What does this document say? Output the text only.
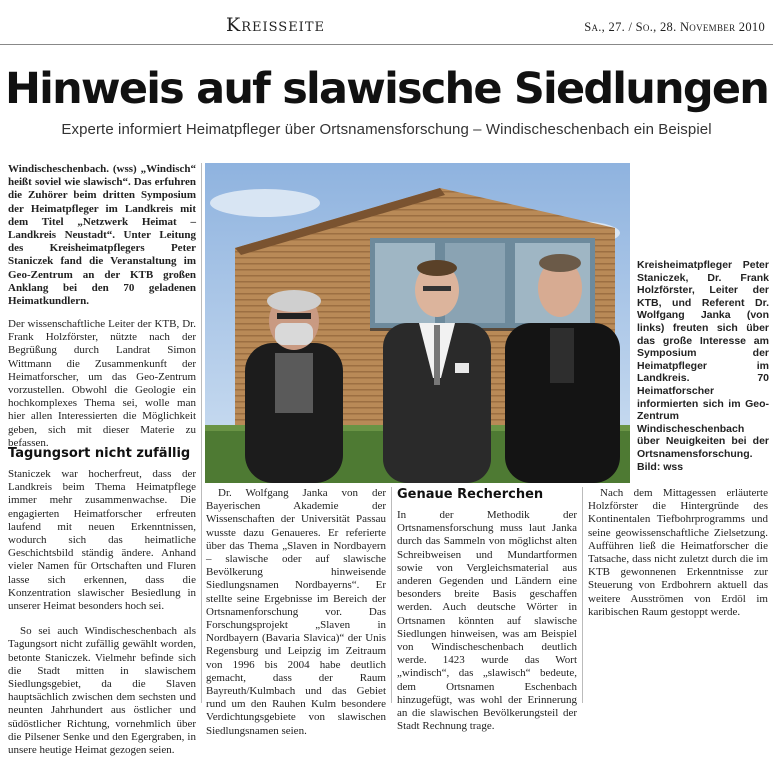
Kreisseite	Sa., 27. / So., 28. November 2010
Hinweis auf slawische Siedlungen
Experte informiert Heimatpfleger über Ortsnamensforschung – Windischeschenbach ein Beispiel

Windischeschenbach. (wss) „Windisch“ heißt soviel wie slawisch“. Das erfuhren die Zuhörer beim dritten Symposium der Heimatpfleger im Landkreis mit dem Titel „Netzwerk Heimat – Landkreis Neustadt“. Unter Leitung des Kreisheimatpflegers Peter Staniczek fand die Veranstaltung im Geo-Zentrum an der KTB großen Anklang bei den 70 geladenen Heimatkundlern.

Der wissenschaftliche Leiter der KTB, Dr. Frank Holzförster, nützte nach der Begrüßung durch Landrat Simon Wittmann die Zusammenkunft der Heimatforscher, um das Geo-Zentrum vorzustellen. Obwohl die Geologie ein hochkomplexes Thema sei, wolle man hier allen Interessierten die Möglichkeit geben, sich mit dieser Materie zu befassen.

Tagungsort nicht zufällig

Staniczek war hocherfreut, dass der Landkreis beim Thema Heimatpflege immer mehr zusammenwachse. Die engagierten Heimatforscher erfreuten laufend mit neuen Erkenntnissen, wodurch sich das heimatliche Geschichtsbild ständig ändere. Anhand vieler Namen für Ortschaften und Fluren lasse sich erkennen, dass die Konzentration slawischer Besiedlung in unserer Heimat besonders hoch sei.

So sei auch Windischeschenbach als Tagungsort nicht zufällig gewählt worden, betonte Staniczek. Vielmehr befinde sich die Stadt mitten in slawischem Siedlungsgebiet, da die Slaven hauptsächlich zwischen dem sechsten und neunten Jahrhundert aus östlicher und südöstlicher Richtung, vornehmlich über die Pilsener Senke und den Egergraben, in unsere heutige Heimat gezogen seien.

Kreisheimatpfleger Peter Staniczek, Dr. Frank Holzförster, Leiter der KTB, und Referent Dr. Wolfgang Janka (von links) freuten sich über das große Interesse am Symposium der Heimatpfleger im Landkreis. 70 Heimatforscher informierten sich im Geo-Zentrum Windischeschenbach über Neuigkeiten bei der Ortsnamensforschung. Bild: wss

Dr. Wolfgang Janka von der Bayerischen Akademie der Wissenschaften der Universität Passau wusste dazu Genaueres. Er referierte über das Thema „Slaven in Nordbayern – slawische oder auf slawische Bevölkerung hinweisende Siedlungsnamen Nordbayerns“. Er stellte seine Ergebnisse im Bereich der Ortsnamenforschung vor. Das Forschungsprojekt „Slaven in Nordbayern (Bavaria Slavica)“ der Unis Regensburg und Leipzig im Zeitraum von 1996 bis 2004 habe deutlich gemacht, dass der Raum Bayreuth/Kulmbach und das Gebiet rund um den Rauhen Kulm besondere Verdichtungsgebiete von slawischen Siedlungsnamen seien.

Genaue Recherchen

In der Methodik der Ortsnamensforschung muss laut Janka durch das Sammeln von möglichst alten Schreibweisen und Mundartformen sowie von Vergleichsmaterial aus anderen Gegenden und Ländern eine besonders breite Basis geschaffen werden. Auch deutsche Wörter in Ortsnamen könnten auf slawische Siedlungen hinweisen, was am Beispiel von Windischeschenbach deutlich werde. 1423 wurde das Wort „windisch“, das „slawisch“ bedeute, dem Ortsnamen Eschenbach hinzugefügt, was wohl der Erinnerung an die slawischen Bevölkerungsteil der Stadt Rechnung trage.

Nach dem Mittagessen erläuterte Holzförster die Hintergründe des Kontinentalen Tiefbohrprogramms und seine geowissenschaftliche Zielsetzung. Aufführen ließ die Heimatforscher die Tatsache, dass nicht zuletzt durch die im KTB gewonnenen Erkenntnisse zur Steuerung von Erdbohrern aktuell das weitere Ausströmen von Erdöl im karibischen Raum gestoppt werde.
